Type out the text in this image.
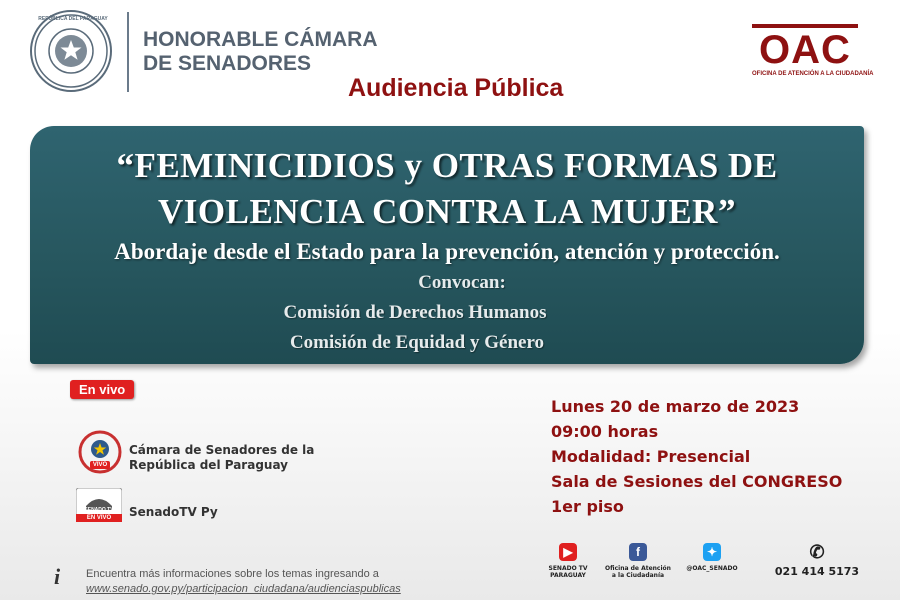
REPÚBLICA DEL PARAGUAY
HONORABLE CÁMARA
DE SENADORES
Audiencia Pública
OAC
OFICINA DE ATENCIÓN A LA CIUDADANÍA
“FEMINICIDIOS y OTRAS FORMAS DE
VIOLENCIA CONTRA LA MUJER”
Abordaje desde el Estado para la prevención, atención y protección.
Convocan:
Comisión de Derechos Humanos
Comisión de Equidad y Género
En vivo
VIVO
Cámara de Senadores de la
República del Paraguay
SENADO TV
EN VIVO	SenadoTV Py
Lunes 20 de marzo de 2023
09:00 horas
Modalidad: Presencial
Sala de Sesiones del CONGRESO
1er piso
i	Encuentra más informaciones sobre los temas ingresando a
www.senado.gov.py/participacion_ciudadana/audienciaspublicas
▶
SENADO TV
PARAGUAY
f
Oficina de Atención
a la Ciudadanía
✦
@OAC_SENADO
✆
021 414 5173
